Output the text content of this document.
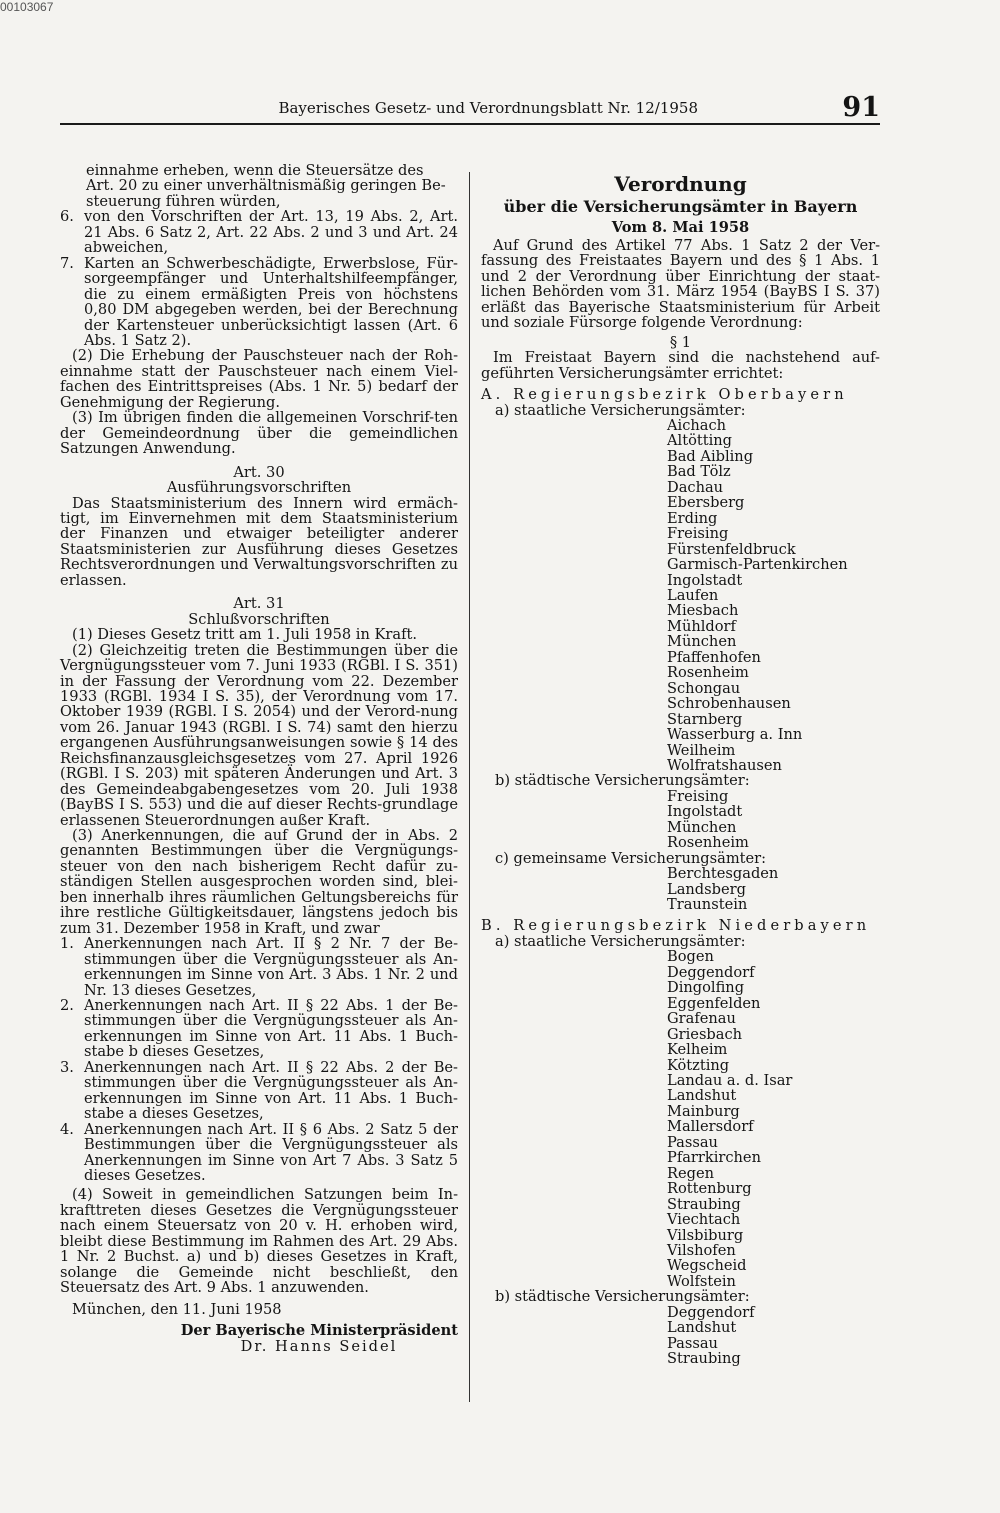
00103067
Bayerisches Gesetz- und Verordnungsblatt Nr. 12/1958	91
einnahme erheben, wenn die Steuersätze des
Art. 20 zu einer unverhältnismäßig geringen Be-
steuerung führen würden,
6. von den Vorschriften der Art. 13, 19 Abs. 2, Art. 21 Abs. 6 Satz 2, Art. 22 Abs. 2 und 3 und Art. 24 abweichen,
7. Karten an Schwerbeschädigte, Erwerbslose, Für-sorgeempfänger und Unterhaltshilfeempfänger, die zu einem ermäßigten Preis von höchstens 0,80 DM abgegeben werden, bei der Berechnung der Kartensteuer unberücksichtigt lassen (Art. 6 Abs. 1 Satz 2).

(2) Die Erhebung der Pauschsteuer nach der Roh-einnahme statt der Pauschsteuer nach einem Viel-fachen des Eintrittspreises (Abs. 1 Nr. 5) bedarf der Genehmigung der Regierung.

(3) Im übrigen finden die allgemeinen Vorschrif-ten der Gemeindeordnung über die gemeindlichen Satzungen Anwendung.

Art. 30
Ausführungsvorschriften

Das Staatsministerium des Innern wird ermäch-tigt, im Einvernehmen mit dem Staatsministerium der Finanzen und etwaiger beteiligter anderer Staatsministerien zur Ausführung dieses Gesetzes Rechtsverordnungen und Verwaltungsvorschriften zu erlassen.

Art. 31
Schlußvorschriften

(1) Dieses Gesetz tritt am 1. Juli 1958 in Kraft.

(2) Gleichzeitig treten die Bestimmungen über die Vergnügungssteuer vom 7. Juni 1933 (RGBl. I S. 351) in der Fassung der Verordnung vom 22. Dezember 1933 (RGBl. 1934 I S. 35), der Verordnung vom 17. Oktober 1939 (RGBl. I S. 2054) und der Verord-nung vom 26. Januar 1943 (RGBl. I S. 74) samt den hierzu ergangenen Ausführungsanweisungen sowie § 14 des Reichsfinanzausgleichsgesetzes vom 27. April 1926 (RGBl. I S. 203) mit späteren Änderungen und Art. 3 des Gemeindeabgabengesetzes vom 20. Juli 1938 (BayBS I S. 553) und die auf dieser Rechts-grundlage erlassenen Steuerordnungen außer Kraft.

(3) Anerkennungen, die auf Grund der in Abs. 2 genannten Bestimmungen über die Vergnügungs-steuer von den nach bisherigem Recht dafür zu-ständigen Stellen ausgesprochen worden sind, blei-ben innerhalb ihres räumlichen Geltungsbereichs für ihre restliche Gültigkeitsdauer, längstens jedoch bis zum 31. Dezember 1958 in Kraft, und zwar

1. Anerkennungen nach Art. II § 2 Nr. 7 der Be-stimmungen über die Vergnügungssteuer als An-erkennungen im Sinne von Art. 3 Abs. 1 Nr. 2 und Nr. 13 dieses Gesetzes,
2. Anerkennungen nach Art. II § 22 Abs. 1 der Be-stimmungen über die Vergnügungssteuer als An-erkennungen im Sinne von Art. 11 Abs. 1 Buch-stabe b dieses Gesetzes,
3. Anerkennungen nach Art. II § 22 Abs. 2 der Be-stimmungen über die Vergnügungssteuer als An-erkennungen im Sinne von Art. 11 Abs. 1 Buch-stabe a dieses Gesetzes,
4. Anerkennungen nach Art. II § 6 Abs. 2 Satz 5 der Bestimmungen über die Vergnügungssteuer als Anerkennungen im Sinne von Art 7 Abs. 3 Satz 5 dieses Gesetzes.

(4) Soweit in gemeindlichen Satzungen beim In-krafttreten dieses Gesetzes die Vergnügungssteuer nach einem Steuersatz von 20 v. H. erhoben wird, bleibt diese Bestimmung im Rahmen des Art. 29 Abs. 1 Nr. 2 Buchst. a) und b) dieses Gesetzes in Kraft, solange die Gemeinde nicht beschließt, den Steuersatz des Art. 9 Abs. 1 anzuwenden.

München, den 11. Juni 1958

Der Bayerische Ministerpräsident
Dr. Hanns Seidel
Verordnung
über die Versicherungsämter in Bayern
Vom 8. Mai 1958

Auf Grund des Artikel 77 Abs. 1 Satz 2 der Ver-fassung des Freistaates Bayern und des § 1 Abs. 1 und 2 der Verordnung über Einrichtung der staat-lichen Behörden vom 31. März 1954 (BayBS I S. 37) erläßt das Bayerische Staatsministerium für Arbeit und soziale Fürsorge folgende Verordnung:

§ 1

Im Freistaat Bayern sind die nachstehend auf-geführten Versicherungsämter errichtet:

A. Regierungsbezirk Oberbayern
a) staatliche Versicherungsämter:
Aichach
Altötting
Bad Aibling
Bad Tölz
Dachau
Ebersberg
Erding
Freising
Fürstenfeldbruck
Garmisch-Partenkirchen
Ingolstadt
Laufen
Miesbach
Mühldorf
München
Pfaffenhofen
Rosenheim
Schongau
Schrobenhausen
Starnberg
Wasserburg a. Inn
Weilheim
Wolfratshausen
b) städtische Versicherungsämter:
Freising
Ingolstadt
München
Rosenheim
c) gemeinsame Versicherungsämter:
Berchtesgaden
Landsberg
Traunstein
B. Regierungsbezirk Niederbayern
a) staatliche Versicherungsämter:
Bogen
Deggendorf
Dingolfing
Eggenfelden
Grafenau
Griesbach
Kelheim
Kötzting
Landau a. d. Isar
Landshut
Mainburg
Mallersdorf
Passau
Pfarrkirchen
Regen
Rottenburg
Straubing
Viechtach
Vilsbiburg
Vilshofen
Wegscheid
Wolfstein
b) städtische Versicherungsämter:
Deggendorf
Landshut
Passau
Straubing
